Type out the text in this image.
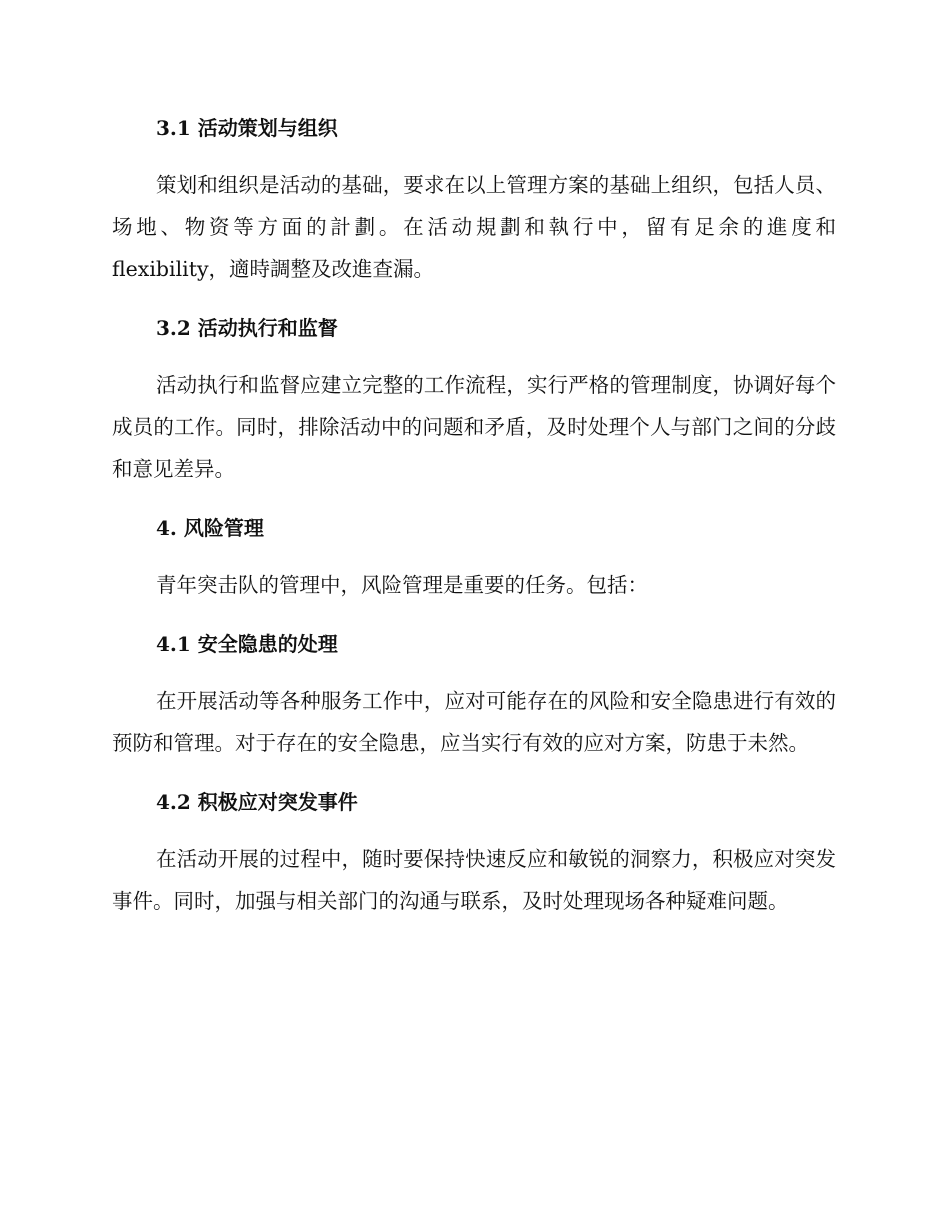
3.1 活动策划与组织

策划和组织是活动的基础，要求在以上管理方案的基础上组织，包括人员、场地、物资等方面的計劃。在活动規劃和執行中，留有足余的進度和flexibility，適時調整及改進查漏。

3.2 活动执行和监督

活动执行和监督应建立完整的工作流程，实行严格的管理制度，协调好每个成员的工作。同时，排除活动中的问题和矛盾，及时处理个人与部门之间的分歧和意见差异。

4. 风险管理

青年突击队的管理中，风险管理是重要的任务。包括：

4.1 安全隐患的处理

在开展活动等各种服务工作中，应对可能存在的风险和安全隐患进行有效的预防和管理。对于存在的安全隐患，应当实行有效的应对方案，防患于未然。

4.2 积极应对突发事件

在活动开展的过程中，随时要保持快速反应和敏锐的洞察力，积极应对突发事件。同时，加强与相关部门的沟通与联系，及时处理现场各种疑难问题。
